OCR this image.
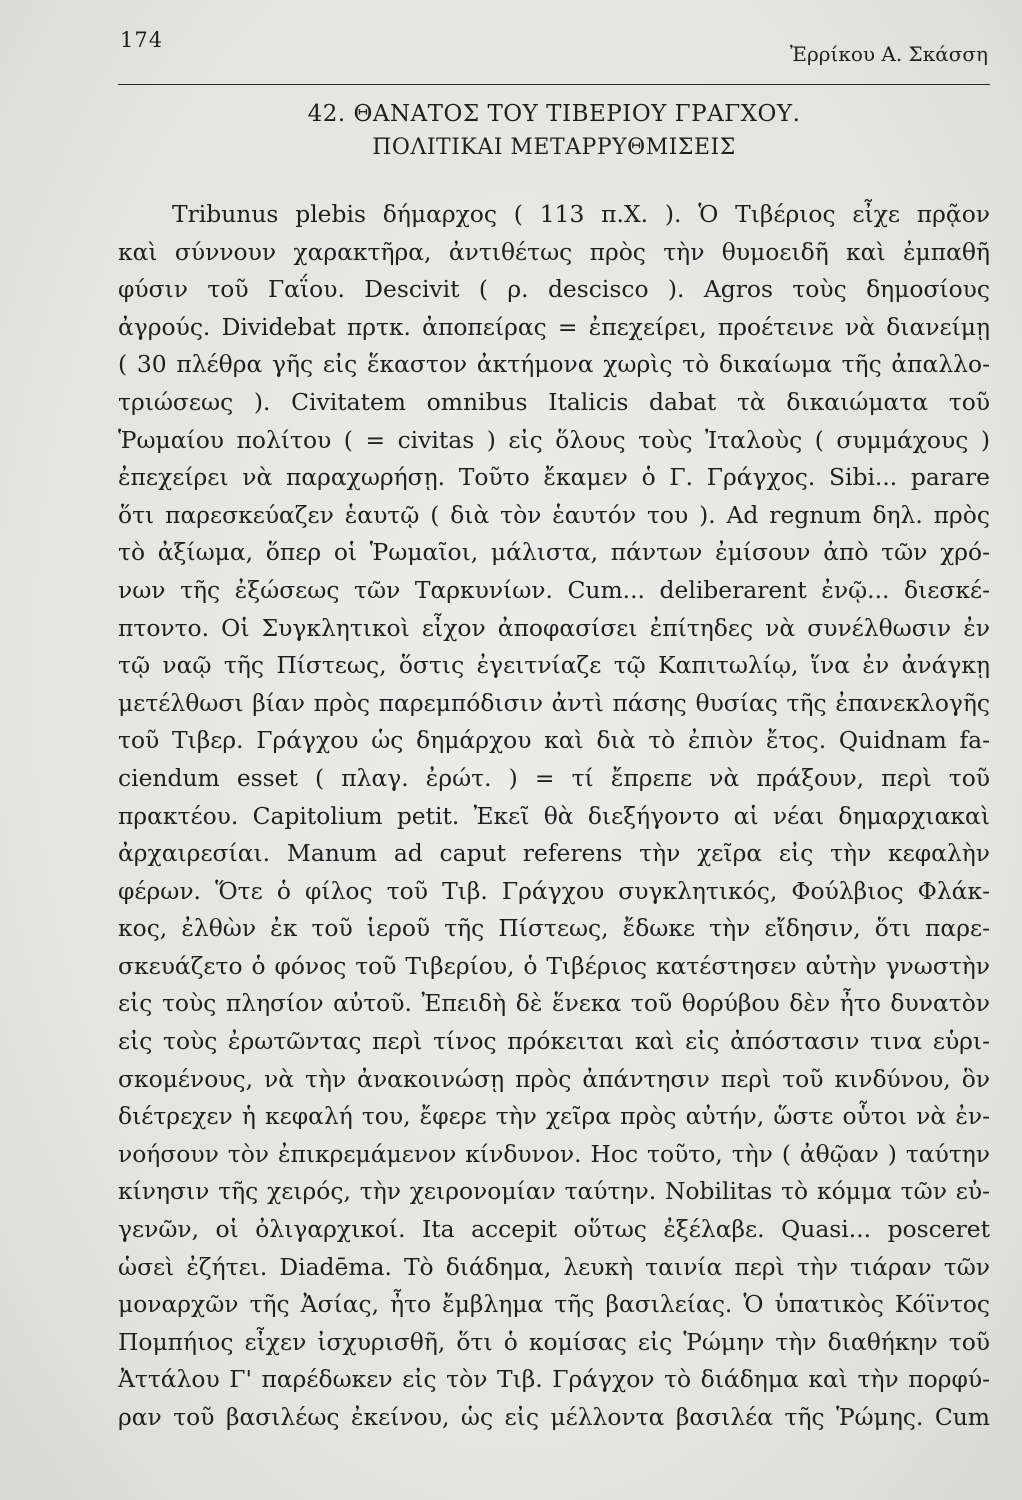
174
Ἐρρίκου Α. Σκάσση
42. ΘΑΝΑΤΟΣ ΤΟΥ ΤΙΒΕΡΙΟΥ ΓΡΑΓΧΟΥ.
ΠΟΛΙΤΙΚΑΙ ΜΕΤΑΡΡΥΘΜΙΣΕΙΣ
Tribunus plebis δήμαρχος ( 113 π.Χ. ). Ὁ Τιβέριος εἶχε πρᾷον
καὶ σύννουν χαρακτῆρα, ἀντιθέτως πρὸς τὴν θυμοειδῆ καὶ ἐμπαθῆ
φύσιν τοῦ Γαΐου. Descivit ( ρ. descisco ). Agros τοὺς δημοσίους
ἀγρούς. Dividebat πρτκ. ἀποπείρας = ἐπεχείρει, προέτεινε νὰ διανείμῃ
( 30 πλέθρα γῆς εἰς ἕκαστον ἀκτήμονα χωρὶς τὸ δικαίωμα τῆς ἀπαλλο-
τριώσεως ). Civitatem omnibus Italicis dabat τὰ δικαιώματα τοῦ
Ῥωμαίου πολίτου ( = civitas ) εἰς ὅλους τοὺς Ἰταλοὺς ( συμμάχους )
ἐπεχείρει νὰ παραχωρήσῃ. Τοῦτο ἔκαμεν ὁ Γ. Γράγχος. Sibi... parare
ὅτι παρεσκεύαζεν ἑαυτῷ ( διὰ τὸν ἑαυτόν του ). Ad regnum δηλ. πρὸς
τὸ ἀξίωμα, ὅπερ οἱ Ῥωμαῖοι, μάλιστα, πάντων ἐμίσουν ἀπὸ τῶν χρό-
νων τῆς ἐξώσεως τῶν Ταρκυνίων. Cum... deliberarent ἐνῷ... διεσκέ-
πτοντο. Οἱ Συγκλητικοὶ εἶχον ἀποφασίσει ἐπίτηδες νὰ συνέλθωσιν ἐν
τῷ ναῷ τῆς Πίστεως, ὅστις ἐγειτνίαζε τῷ Καπιτωλίῳ, ἵνα ἐν ἀνάγκῃ
μετέλθωσι βίαν πρὸς παρεμπόδισιν ἀντὶ πάσης θυσίας τῆς ἐπανεκλογῆς
τοῦ Τιβερ. Γράγχου ὡς δημάρχου καὶ διὰ τὸ ἐπιὸν ἔτος. Quidnam fa-
ciendum esset ( πλαγ. ἐρώτ. ) = τί ἔπρεπε νὰ πράξουν, περὶ τοῦ
πρακτέου. Capitolium petit. Ἐκεῖ θὰ διεξήγοντο αἱ νέαι δημαρχιακαὶ
ἀρχαιρεσίαι. Manum ad caput referens τὴν χεῖρα εἰς τὴν κεφαλὴν
φέρων. Ὅτε ὁ φίλος τοῦ Τιβ. Γράγχου συγκλητικός, Φούλβιος Φλάκ-
κος, ἐλθὼν ἐκ τοῦ ἱεροῦ τῆς Πίστεως, ἔδωκε τὴν εἴδησιν, ὅτι παρε-
σκευάζετο ὁ φόνος τοῦ Τιβερίου, ὁ Τιβέριος κατέστησεν αὐτὴν γνωστὴν
εἰς τοὺς πλησίον αὐτοῦ. Ἐπειδὴ δὲ ἕνεκα τοῦ θορύβου δὲν ἦτο δυνατὸν
εἰς τοὺς ἐρωτῶντας περὶ τίνος πρόκειται καὶ εἰς ἀπόστασιν τινα εὑρι-
σκομένους, νὰ τὴν ἀνακοινώσῃ πρὸς ἀπάντησιν περὶ τοῦ κινδύνου, ὃν
διέτρεχεν ἡ κεφαλή του, ἔφερε τὴν χεῖρα πρὸς αὐτήν, ὥστε οὗτοι νὰ ἐν-
νοήσουν τὸν ἐπικρεμάμενον κίνδυνον. Hoc τοῦτο, τὴν ( ἀθῷαν ) ταύτην
κίνησιν τῆς χειρός, τὴν χειρονομίαν ταύτην. Nobilitas τὸ κόμμα τῶν εὐ-
γενῶν, οἱ ὀλιγαρχικοί. Ita accepit οὕτως ἐξέλαβε. Quasi... posceret
ὡσεὶ ἐζήτει. Diadēma. Τὸ διάδημα, λευκὴ ταινία περὶ τὴν τιάραν τῶν
μοναρχῶν τῆς Ἀσίας, ἦτο ἔμβλημα τῆς βασιλείας. Ὁ ὑπατικὸς Κόϊντος
Πομπήιος εἶχεν ἰσχυρισθῆ, ὅτι ὁ κομίσας εἰς Ῥώμην τὴν διαθήκην τοῦ
Ἀττάλου Γ' παρέδωκεν εἰς τὸν Τιβ. Γράγχον τὸ διάδημα καὶ τὴν πορφύ-
ραν τοῦ βασιλέως ἐκείνου, ὡς εἰς μέλλοντα βασιλέα τῆς Ῥώμης. Cum
